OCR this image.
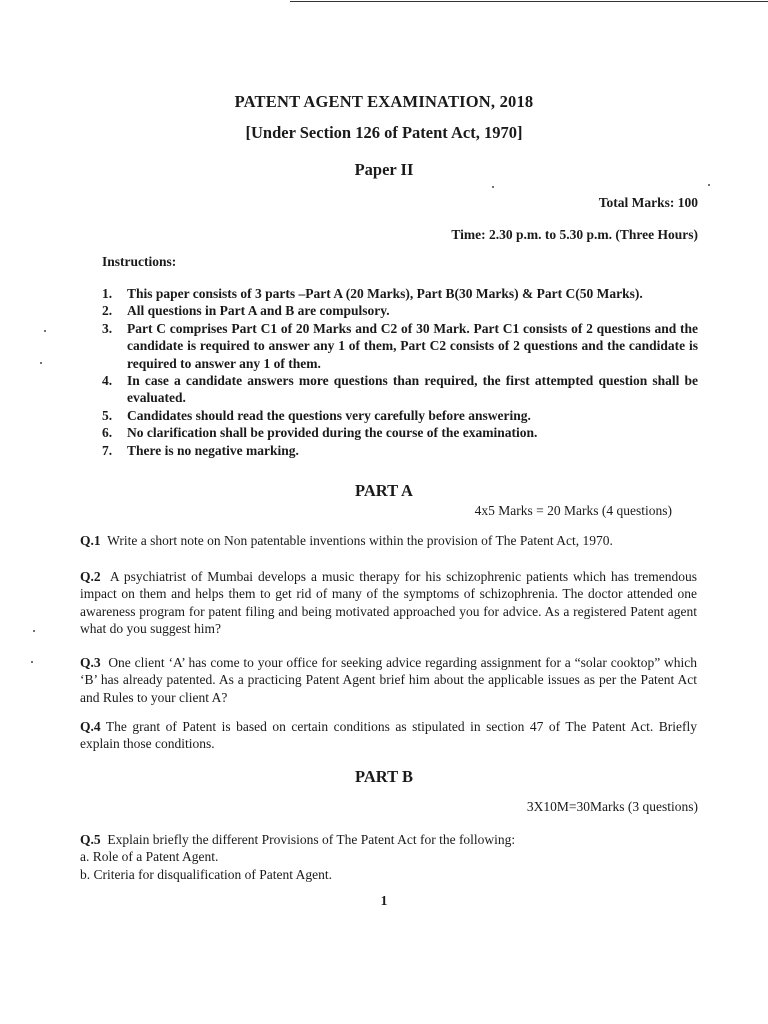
PATENT AGENT EXAMINATION, 2018
[Under Section 126 of Patent Act, 1970]
Paper II
Total Marks: 100
Time: 2.30 p.m. to 5.30 p.m. (Three Hours)
Instructions:
1. This paper consists of 3 parts –Part A (20 Marks), Part B(30 Marks) & Part C(50 Marks).
2. All questions in Part A and B are compulsory.
3. Part C comprises Part C1 of 20 Marks and C2 of 30 Mark. Part C1 consists of 2 questions and the candidate is required to answer any 1 of them, Part C2 consists of 2 questions and the candidate is required to answer any 1 of them.
4. In case a candidate answers more questions than required, the first attempted question shall be evaluated.
5. Candidates should read the questions very carefully before answering.
6. No clarification shall be provided during the course of the examination.
7. There is no negative marking.
PART A
4x5 Marks = 20 Marks (4 questions)
Q.1 Write a short note on Non patentable inventions within the provision of The Patent Act, 1970.
Q.2 A psychiatrist of Mumbai develops a music therapy for his schizophrenic patients which has tremendous impact on them and helps them to get rid of many of the symptoms of schizophrenia. The doctor attended one awareness program for patent filing and being motivated approached you for advice. As a registered Patent agent what do you suggest him?
Q.3 One client ‘A’ has come to your office for seeking advice regarding assignment for a “solar cooktop” which ‘B’ has already patented. As a practicing Patent Agent brief him about the applicable issues as per the Patent Act and Rules to your client A?
Q.4 The grant of Patent is based on certain conditions as stipulated in section 47 of The Patent Act. Briefly explain those conditions.
PART B
3X10M=30Marks (3 questions)
Q.5 Explain briefly the different Provisions of The Patent Act for the following:
a. Role of a Patent Agent.
b. Criteria for disqualification of Patent Agent.
1
